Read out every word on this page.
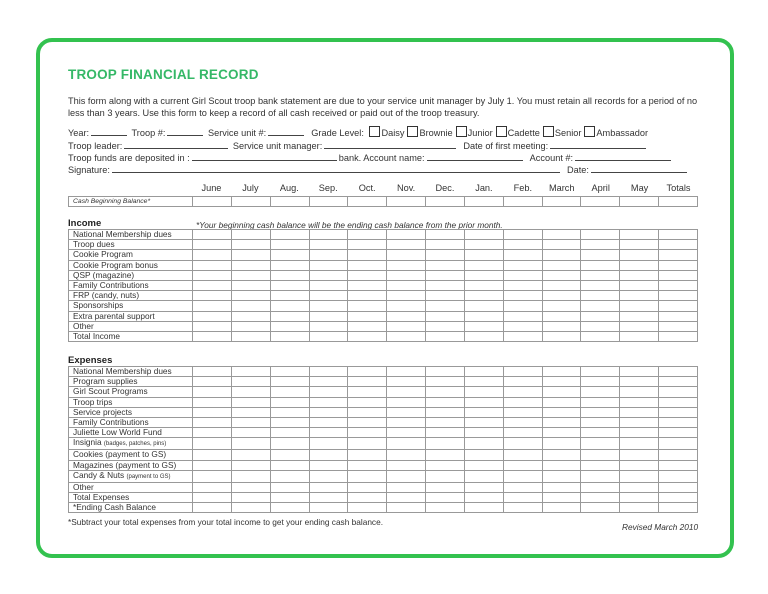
TROOP FINANCIAL RECORD
This form along with a current Girl Scout troop bank statement are due to your service unit manager by July 1. You must retain all records for a period of no less than 3 years. Use this form to keep a record of all cash received or paid out of the troop treasury.
Year:	Troop #:	Service unit #:	Grade Level: Daisy Brownie Junior Cadette Senior Ambassador
Troop leader:	Service unit manager:	Date of first meeting:
Troop funds are deposited in :	bank. Account name:	Account #:
Signature:	Date:
June	July	Aug.	Sep.	Oct.	Nov.	Dec.	Jan.	Feb.	March	April	May	Totals
Cash Beginning Balance*													
Income	*Your beginning cash balance will be the ending cash balance from the prior month.
National Membership dues													
Troop dues													
Cookie Program													
Cookie Program bonus													
QSP (magazine)													
Family Contributions													
FRP (candy, nuts)													
Sponsorships													
Extra parental support													
Other													
Total Income													
Expenses
National Membership dues													
Program supplies													
Girl Scout Programs													
Troop trips													
Service projects													
Family Contributions													
Juliette Low World Fund													
Insignia (badges, patches, pins)													
Cookies (payment to GS)													
Magazines (payment to GS)													
Candy & Nuts (payment to GS)													
Other													
Total Expenses													
*Ending Cash Balance													
*Subtract your total expenses from your total income to get your ending cash balance.	Revised March 2010
